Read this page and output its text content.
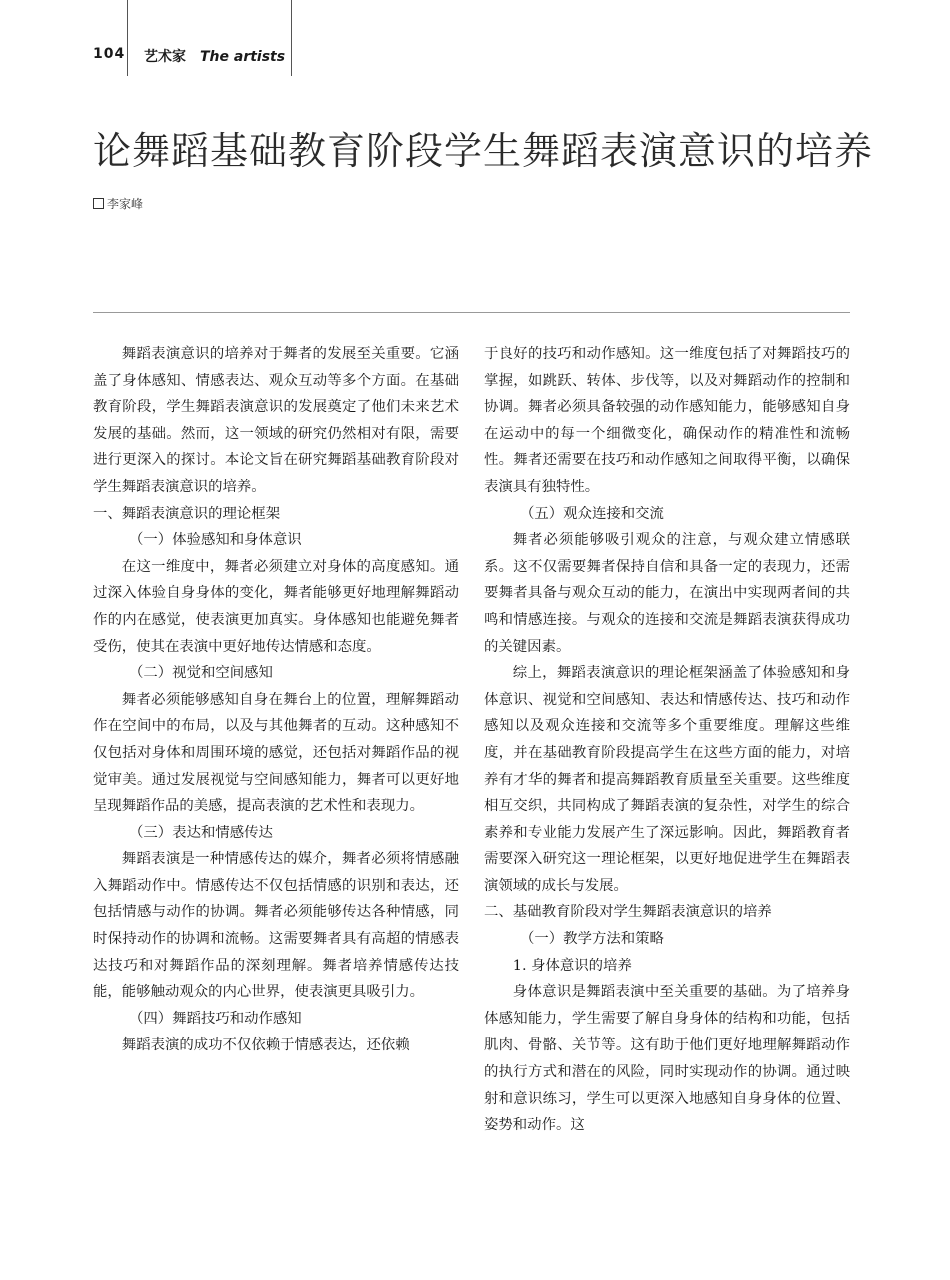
104 艺术家 The artists
论舞蹈基础教育阶段学生舞蹈表演意识的培养
李家峰

舞蹈表演意识的培养对于舞者的发展至关重要。它涵盖了身体感知、情感表达、观众互动等多个方面。在基础教育阶段，学生舞蹈表演意识的发展奠定了他们未来艺术发展的基础。然而，这一领域的研究仍然相对有限，需要进行更深入的探讨。本论文旨在研究舞蹈基础教育阶段对学生舞蹈表演意识的培养。

一、舞蹈表演意识的理论框架
（一）体验感知和身体意识

在这一维度中，舞者必须建立对身体的高度感知。通过深入体验自身身体的变化，舞者能够更好地理解舞蹈动作的内在感觉，使表演更加真实。身体感知也能避免舞者受伤，使其在表演中更好地传达情感和态度。

（二）视觉和空间感知

舞者必须能够感知自身在舞台上的位置，理解舞蹈动作在空间中的布局，以及与其他舞者的互动。这种感知不仅包括对身体和周围环境的感觉，还包括对舞蹈作品的视觉审美。通过发展视觉与空间感知能力，舞者可以更好地呈现舞蹈作品的美感，提高表演的艺术性和表现力。

（三）表达和情感传达

舞蹈表演是一种情感传达的媒介，舞者必须将情感融入舞蹈动作中。情感传达不仅包括情感的识别和表达，还包括情感与动作的协调。舞者必须能够传达各种情感，同时保持动作的协调和流畅。这需要舞者具有高超的情感表达技巧和对舞蹈作品的深刻理解。舞者培养情感传达技能，能够触动观众的内心世界，使表演更具吸引力。

（四）舞蹈技巧和动作感知

舞蹈表演的成功不仅依赖于情感表达，还依赖

于良好的技巧和动作感知。这一维度包括了对舞蹈技巧的掌握，如跳跃、转体、步伐等，以及对舞蹈动作的控制和协调。舞者必须具备较强的动作感知能力，能够感知自身在运动中的每一个细微变化，确保动作的精准性和流畅性。舞者还需要在技巧和动作感知之间取得平衡，以确保表演具有独特性。

（五）观众连接和交流

舞者必须能够吸引观众的注意，与观众建立情感联系。这不仅需要舞者保持自信和具备一定的表现力，还需要舞者具备与观众互动的能力，在演出中实现两者间的共鸣和情感连接。与观众的连接和交流是舞蹈表演获得成功的关键因素。

综上，舞蹈表演意识的理论框架涵盖了体验感知和身体意识、视觉和空间感知、表达和情感传达、技巧和动作感知以及观众连接和交流等多个重要维度。理解这些维度，并在基础教育阶段提高学生在这些方面的能力，对培养有才华的舞者和提高舞蹈教育质量至关重要。这些维度相互交织，共同构成了舞蹈表演的复杂性，对学生的综合素养和专业能力发展产生了深远影响。因此，舞蹈教育者需要深入研究这一理论框架，以更好地促进学生在舞蹈表演领域的成长与发展。

二、基础教育阶段对学生舞蹈表演意识的培养
（一）教学方法和策略
1. 身体意识的培养

身体意识是舞蹈表演中至关重要的基础。为了培养身体感知能力，学生需要了解自身身体的结构和功能，包括肌肉、骨骼、关节等。这有助于他们更好地理解舞蹈动作的执行方式和潜在的风险，同时实现动作的协调。通过映射和意识练习，学生可以更深入地感知自身身体的位置、姿势和动作。这
